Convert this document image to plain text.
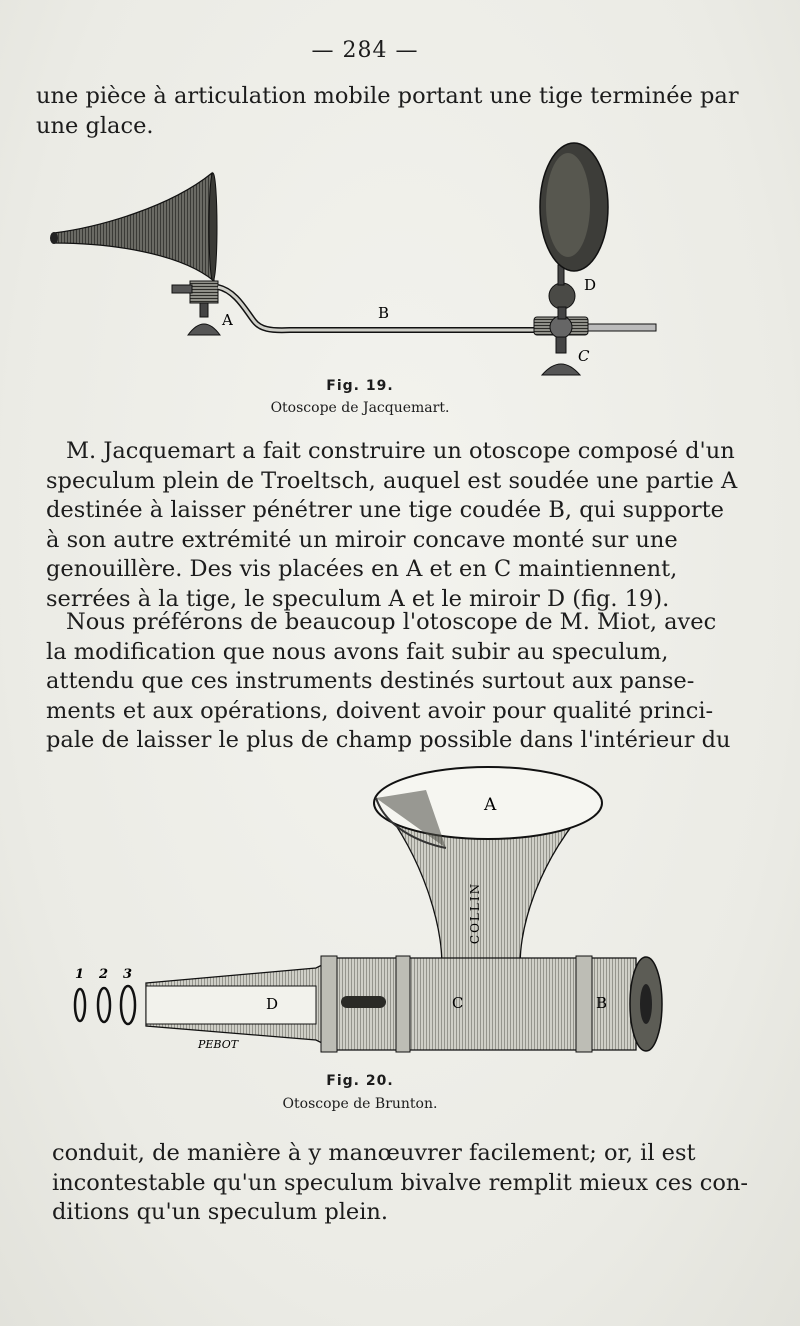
— 284 —

une pièce à articulation mobile portant une tige terminée par
une glace.

A	B
C
D
Fig. 19.
Otoscope de Jacquemart.

M. Jacquemart a fait construire un otoscope composé d'un
speculum plein de Troeltsch, auquel est soudée une partie A
destinée à laisser pénétrer une tige coudée B, qui supporte
à son autre extrémité un miroir concave monté sur une
genouillère. Des vis placées en A et en C maintiennent,
serrées à la tige, le speculum A et le miroir D (fig. 19).

Nous préférons de beaucoup l'otoscope de M. Miot, avec
la modification que nous avons fait subir au speculum,
attendu que ces instruments destinés surtout aux panse-
ments et aux opérations, doivent avoir pour qualité princi-
pale de laisser le plus de champ possible dans l'intérieur du

A
B
C
D
COLLIN
PEBOT
1 2 3
Fig. 20.
Otoscope de Brunton.

conduit, de manière à y manœuvrer facilement; or, il est
incontestable qu'un speculum bivalve remplit mieux ces con-
ditions qu'un speculum plein.
